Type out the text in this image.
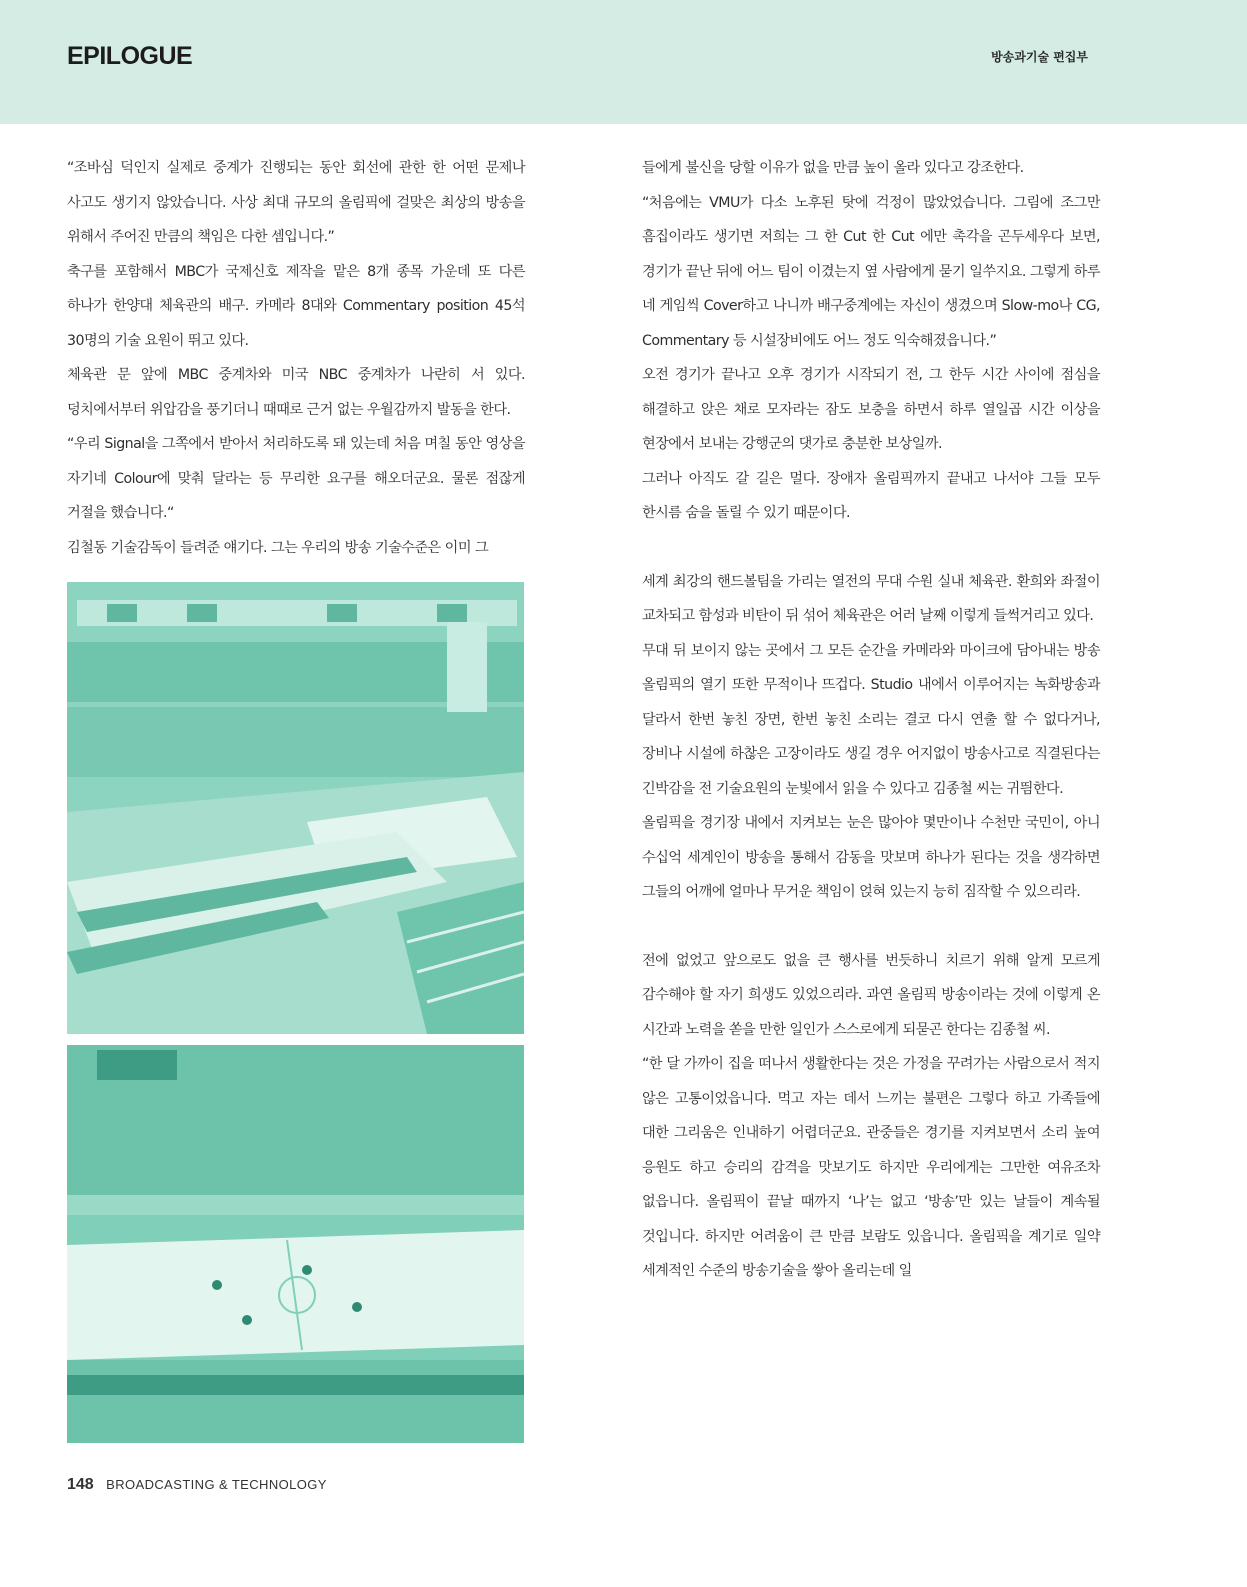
EPILOGUE	방송과기술 편집부

“조바심 덕인지 실제로 중계가 진행되는 동안 회선에 관한 한 어떤 문제나 사고도 생기지 않았습니다. 사상 최대 규모의 올림픽에 걸맞은 최상의 방송을 위해서 주어진 만큼의 책임은 다한 셈입니다.”

축구를 포함해서 MBC가 국제신호 제작을 맡은 8개 종목 가운데 또 다른 하나가 한양대 체육관의 배구. 카메라 8대와 Commentary position 45석 30명의 기술 요원이 뛰고 있다.

체육관 문 앞에 MBC 중계차와 미국 NBC 중계차가 나란히 서 있다. 덩치에서부터 위압감을 풍기더니 때때로 근거 없는 우월감까지 발동을 한다.

“우리 Signal을 그쪽에서 받아서 처리하도록 돼 있는데 처음 며칠 동안 영상을 자기네 Colour에 맞춰 달라는 등 무리한 요구를 해오더군요. 물론 점잖게 거절을 했습니다.“

김철동 기술감독이 들려준 얘기다. 그는 우리의 방송 기술수준은 이미 그

들에게 불신을 당할 이유가 없을 만큼 높이 올라 있다고 강조한다.

“처음에는 VMU가 다소 노후된 탓에 걱정이 많았었습니다. 그림에 조그만 흠집이라도 생기면 저희는 그 한 Cut 한 Cut 에만 촉각을 곤두세우다 보면, 경기가 끝난 뒤에 어느 팀이 이겼는지 옆 사람에게 묻기 일쑤지요. 그렇게 하루 네 게임씩 Cover하고 나니까 배구중계에는 자신이 생겼으며 Slow-mo나 CG, Commentary 등 시설장비에도 어느 정도 익숙해졌읍니다.”

오전 경기가 끝나고 오후 경기가 시작되기 전, 그 한두 시간 사이에 점심을 해결하고 앉은 채로 모자라는 잠도 보충을 하면서 하루 열일곱 시간 이상을 현장에서 보내는 강행군의 댓가로 충분한 보상일까.

그러나 아직도 갈 길은 멀다. 장애자 올림픽까지 끝내고 나서야 그들 모두 한시름 숨을 돌릴 수 있기 때문이다.

세계 최강의 핸드볼팀을 가리는 열전의 무대 수원 실내 체육관. 환희와 좌절이 교차되고 함성과 비탄이 뒤 섞어 체육관은 어러 날째 이렇게 들썩거리고 있다.

무대 뒤 보이지 않는 곳에서 그 모든 순간을 카메라와 마이크에 담아내는 방송 올림픽의 열기 또한 무적이나 뜨겁다. Studio 내에서 이루어지는 녹화방송과 달라서 한번 놓친 장면, 한번 놓친 소리는 결코 다시 연출 할 수 없다거나, 장비나 시설에 하찮은 고장이라도 생길 경우 어지없이 방송사고로 직결된다는 긴박감을 전 기술요원의 눈빛에서 읽을 수 있다고 김종철 씨는 귀띔한다.

올림픽을 경기장 내에서 지켜보는 눈은 많아야 몇만이나 수천만 국민이, 아니 수십억 세계인이 방송을 통해서 감동을 맛보며 하나가 된다는 것을 생각하면 그들의 어깨에 얼마나 무거운 책임이 얹혀 있는지 능히 짐작할 수 있으리라.

전에 없었고 앞으로도 없을 큰 행사를 번듯하니 치르기 위해 알게 모르게 감수해야 할 자기 희생도 있었으리라. 과연 올림픽 방송이라는 것에 이렇게 온 시간과 노력을 쏟을 만한 일인가 스스로에게 되묻곤 한다는 김종철 씨.

“한 달 가까이 집을 떠나서 생활한다는 것은 가정을 꾸려가는 사람으로서 적지 않은 고통이었읍니다. 먹고 자는 데서 느끼는 불편은 그렇다 하고 가족들에 대한 그리움은 인내하기 어렵더군요. 관중들은 경기를 지켜보면서 소리 높여 응원도 하고 승리의 감격을 맛보기도 하지만 우리에게는 그만한 여유조차 없읍니다. 올림픽이 끝날 때까지 ‘나’는 없고 ‘방송’만 있는 날들이 계속될 것입니다. 하지만 어려움이 큰 만큼 보람도 있읍니다. 올림픽을 계기로 일약 세계적인 수준의 방송기술을 쌓아 올리는데 일

148 BROADCASTING & TECHNOLOGY
